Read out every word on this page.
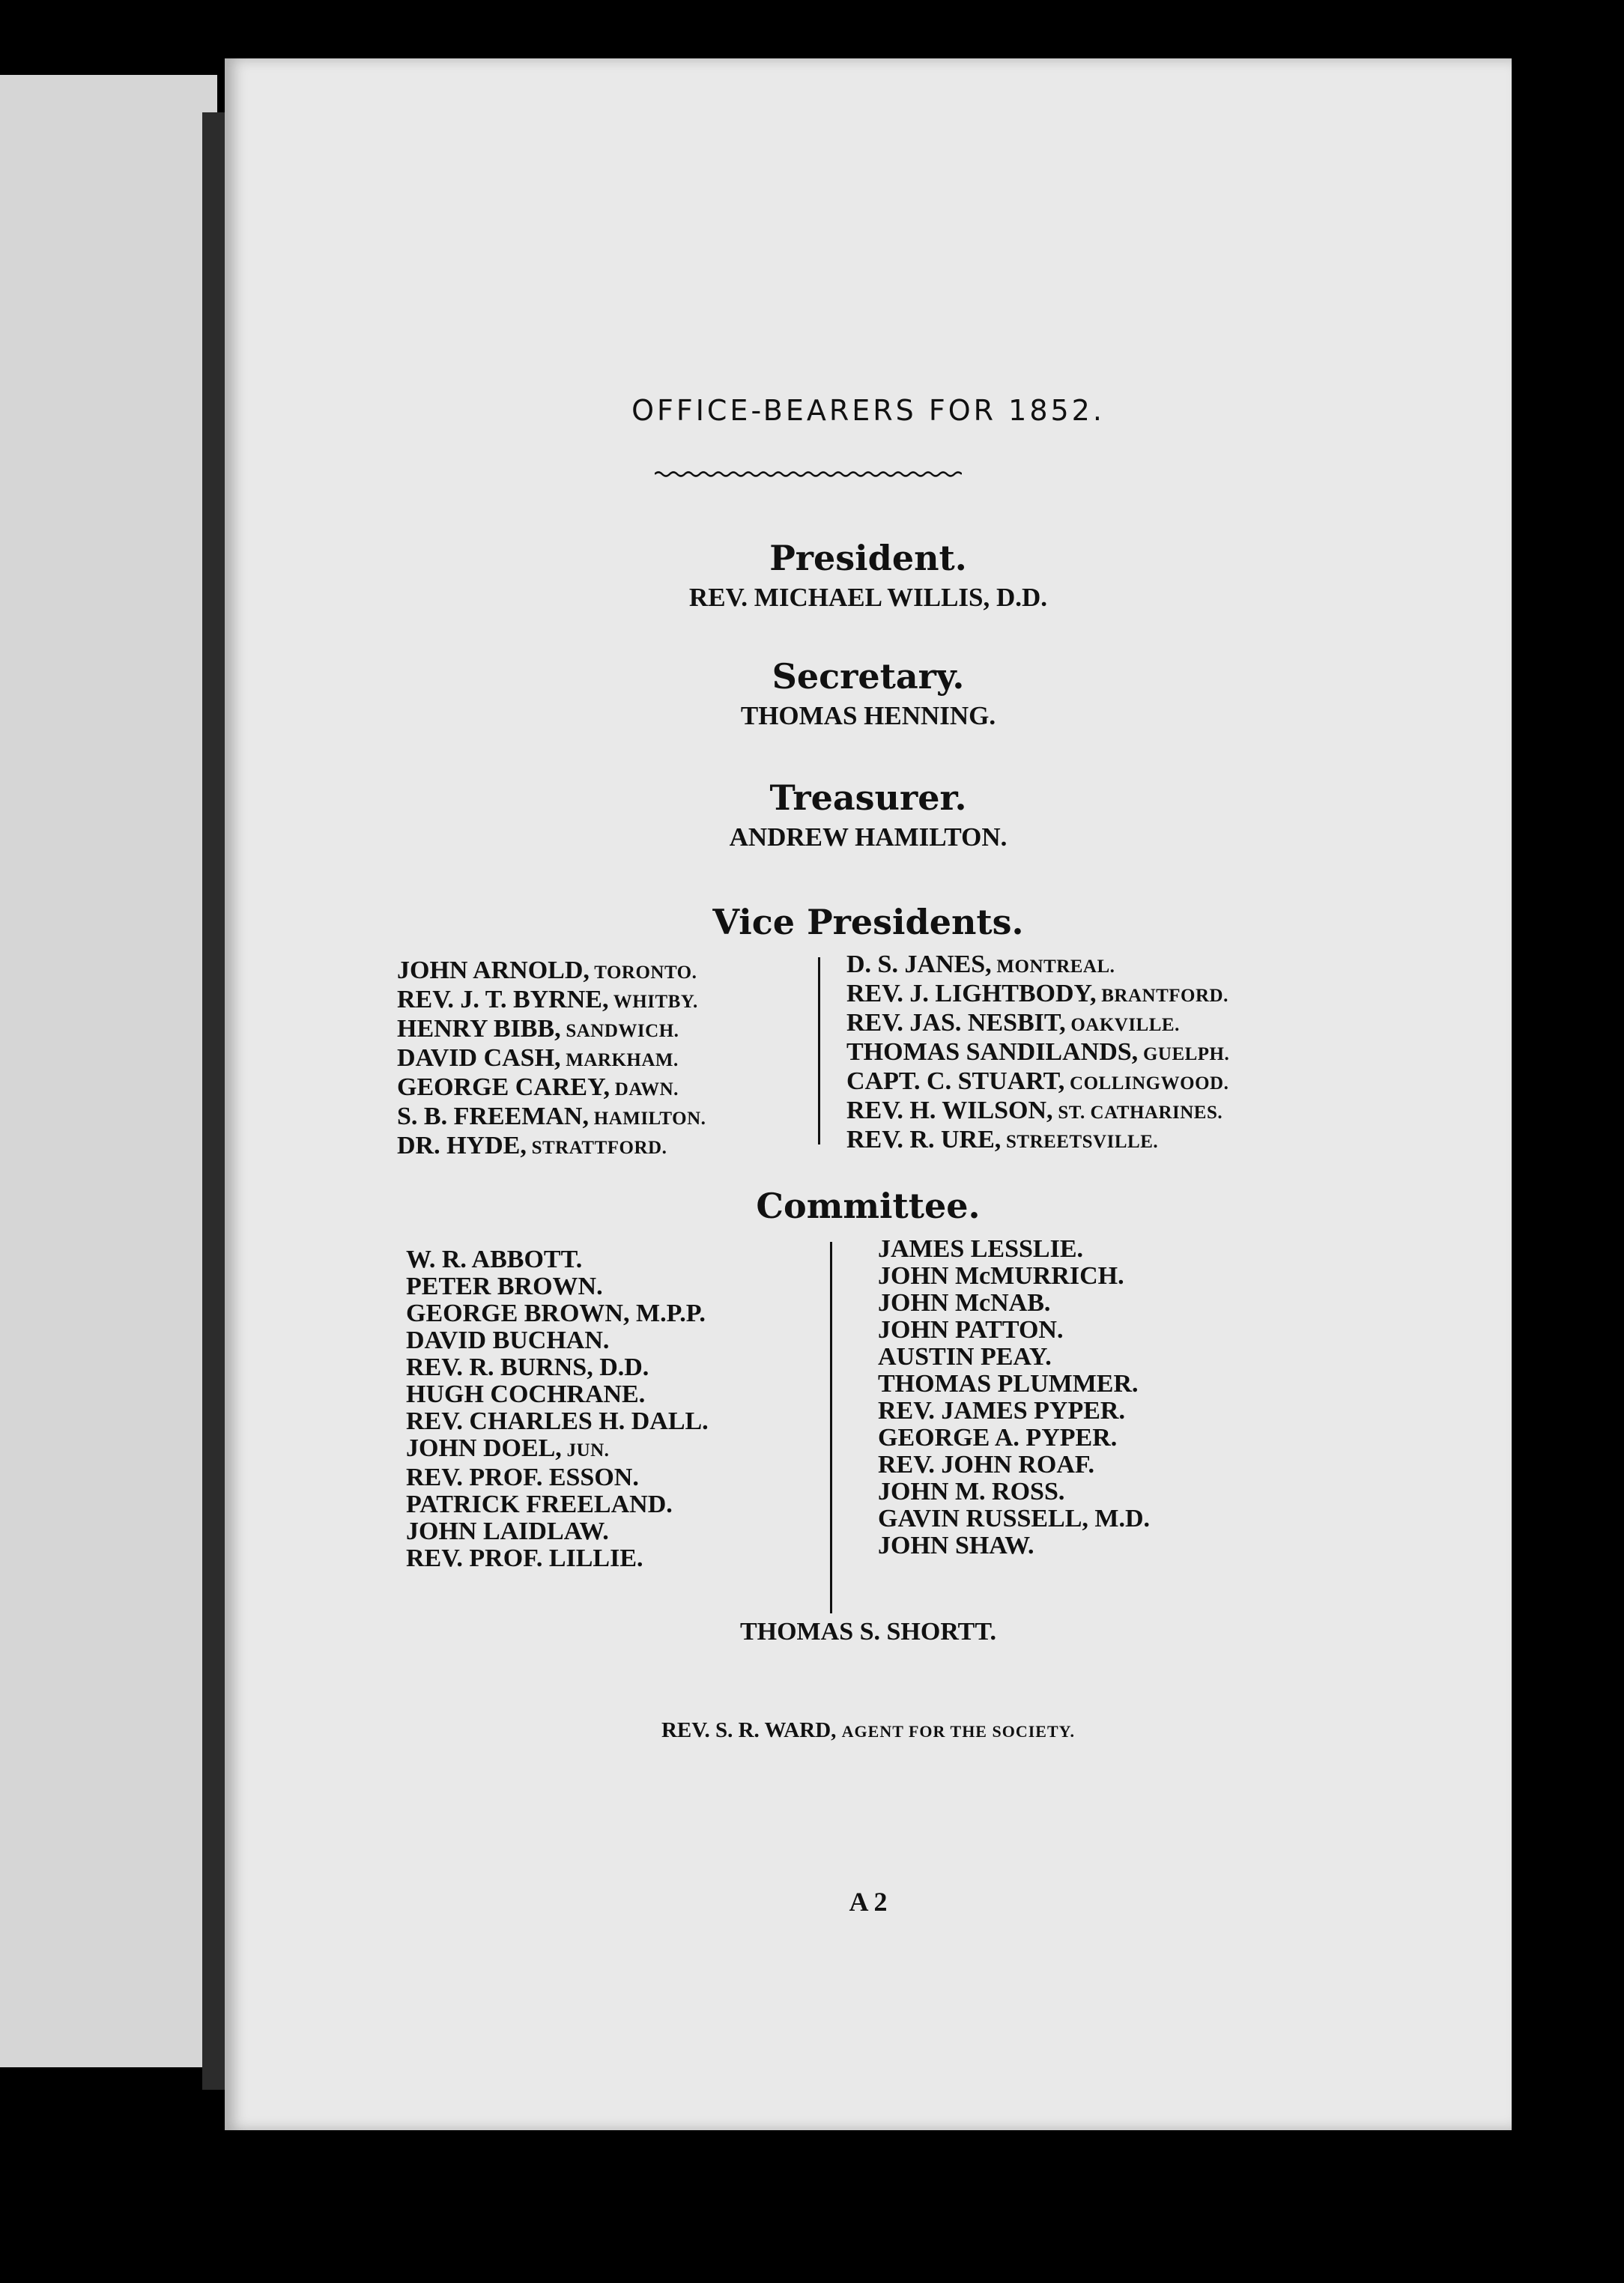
OFFICE-BEARERS FOR 1852.
President.
REV. MICHAEL WILLIS, D.D.
Secretary.
THOMAS HENNING.
Treasurer.
ANDREW HAMILTON.
Vice Presidents.
JOHN ARNOLD, TORONTO.
REV. J. T. BYRNE, WHITBY.
HENRY BIBB, SANDWICH.
DAVID CASH, MARKHAM.
GEORGE CAREY, DAWN.
S. B. FREEMAN, HAMILTON.
DR. HYDE, STRATTFORD.
D. S. JANES, MONTREAL.
REV. J. LIGHTBODY, BRANTFORD.
REV. JAS. NESBIT, OAKVILLE.
THOMAS SANDILANDS, GUELPH.
CAPT. C. STUART, COLLINGWOOD.
REV. H. WILSON, ST. CATHARINES.
REV. R. URE, STREETSVILLE.
Committee.
W. R. ABBOTT.
PETER BROWN.
GEORGE BROWN, M.P.P.
DAVID BUCHAN.
REV. R. BURNS, D.D.
HUGH COCHRANE.
REV. CHARLES H. DALL.
JOHN DOEL, JUN.
REV. PROF. ESSON.
PATRICK FREELAND.
JOHN LAIDLAW.
REV. PROF. LILLIE.
JAMES LESSLIE.
JOHN McMURRICH.
JOHN McNAB.
JOHN PATTON.
AUSTIN PEAY.
THOMAS PLUMMER.
REV. JAMES PYPER.
GEORGE A. PYPER.
REV. JOHN ROAF.
JOHN M. ROSS.
GAVIN RUSSELL, M.D.
JOHN SHAW.
THOMAS S. SHORTT.
REV. S. R. WARD, AGENT FOR THE SOCIETY.
A 2
